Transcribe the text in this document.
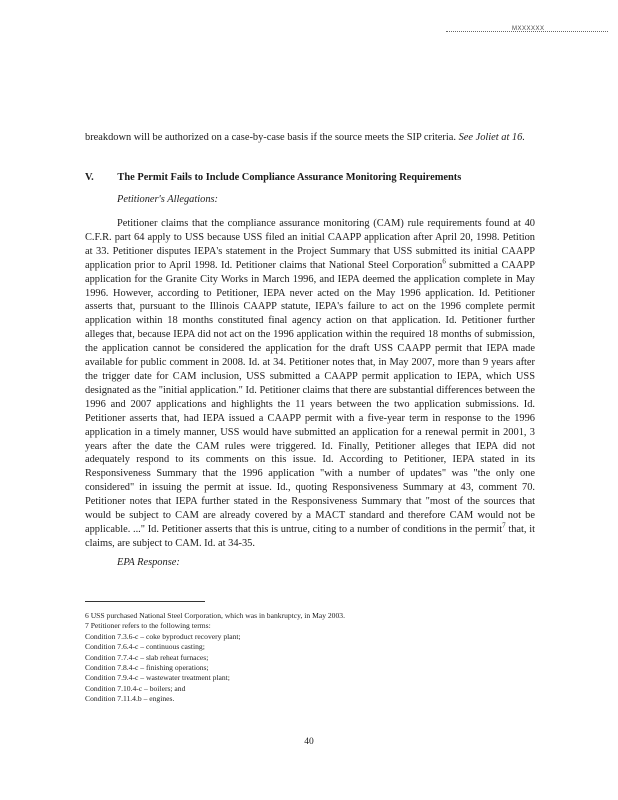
MXXXXXX
breakdown will be authorized on a case-by-case basis if the source meets the SIP criteria. See Joliet at 16.
V. The Permit Fails to Include Compliance Assurance Monitoring Requirements
Petitioner's Allegations:
Petitioner claims that the compliance assurance monitoring (CAM) rule requirements found at 40 C.F.R. part 64 apply to USS because USS filed an initial CAAPP application after April 20, 1998. Petition at 33. Petitioner disputes IEPA's statement in the Project Summary that USS submitted its initial CAAPP application prior to April 1998. Id. Petitioner claims that National Steel Corporation$^6$ submitted a CAAPP application for the Granite City Works in March 1996, and IEPA deemed the application complete in May 1996. However, according to Petitioner, IEPA never acted on the May 1996 application. Id. Petitioner asserts that, pursuant to the Illinois CAAPP statute, IEPA's failure to act on the 1996 complete permit application within 18 months constituted final agency action on that application. Id. Petitioner further alleges that, because IEPA did not act on the 1996 application within the required 18 months of submission, the application cannot be considered the application for the draft USS CAAPP permit that IEPA made available for public comment in 2008. Id. at 34. Petitioner notes that, in May 2007, more than 9 years after the trigger date for CAM inclusion, USS submitted a CAAPP permit application to IEPA, which USS designated as the "initial application." Id. Petitioner claims that there are substantial differences between the 1996 and 2007 applications and highlights the 11 years between the two application submissions. Id. Petitioner asserts that, had IEPA issued a CAAPP permit with a five-year term in response to the 1996 application in a timely manner, USS would have submitted an application for a renewal permit in 2001, 3 years after the date the CAM rules were triggered. Id. Finally, Petitioner alleges that IEPA did not adequately respond to its comments on this issue. Id. According to Petitioner, IEPA stated in its Responsiveness Summary that the 1996 application "with a number of updates" was "the only one considered" in issuing the permit at issue. Id., quoting Responsiveness Summary at 43, comment 70. Petitioner notes that IEPA further stated in the Responsiveness Summary that "most of the sources that would be subject to CAM are already covered by a MACT standard and therefore CAM would not be applicable. ..." Id. Petitioner asserts that this is untrue, citing to a number of conditions in the permit$^7$ that, it claims, are subject to CAM. Id. at 34-35.
EPA Response:

6 USS purchased National Steel Corporation, which was in bankruptcy, in May 2003.

7 Petitioner refers to the following terms:

Condition 7.3.6-c – coke byproduct recovery plant;

Condition 7.6.4-c – continuous casting;

Condition 7.7.4-c – slab reheat furnaces;

Condition 7.8.4-c – finishing operations;

Condition 7.9.4-c – wastewater treatment plant;

Condition 7.10.4-c – boilers; and

Condition 7.11.4.b – engines.

40
